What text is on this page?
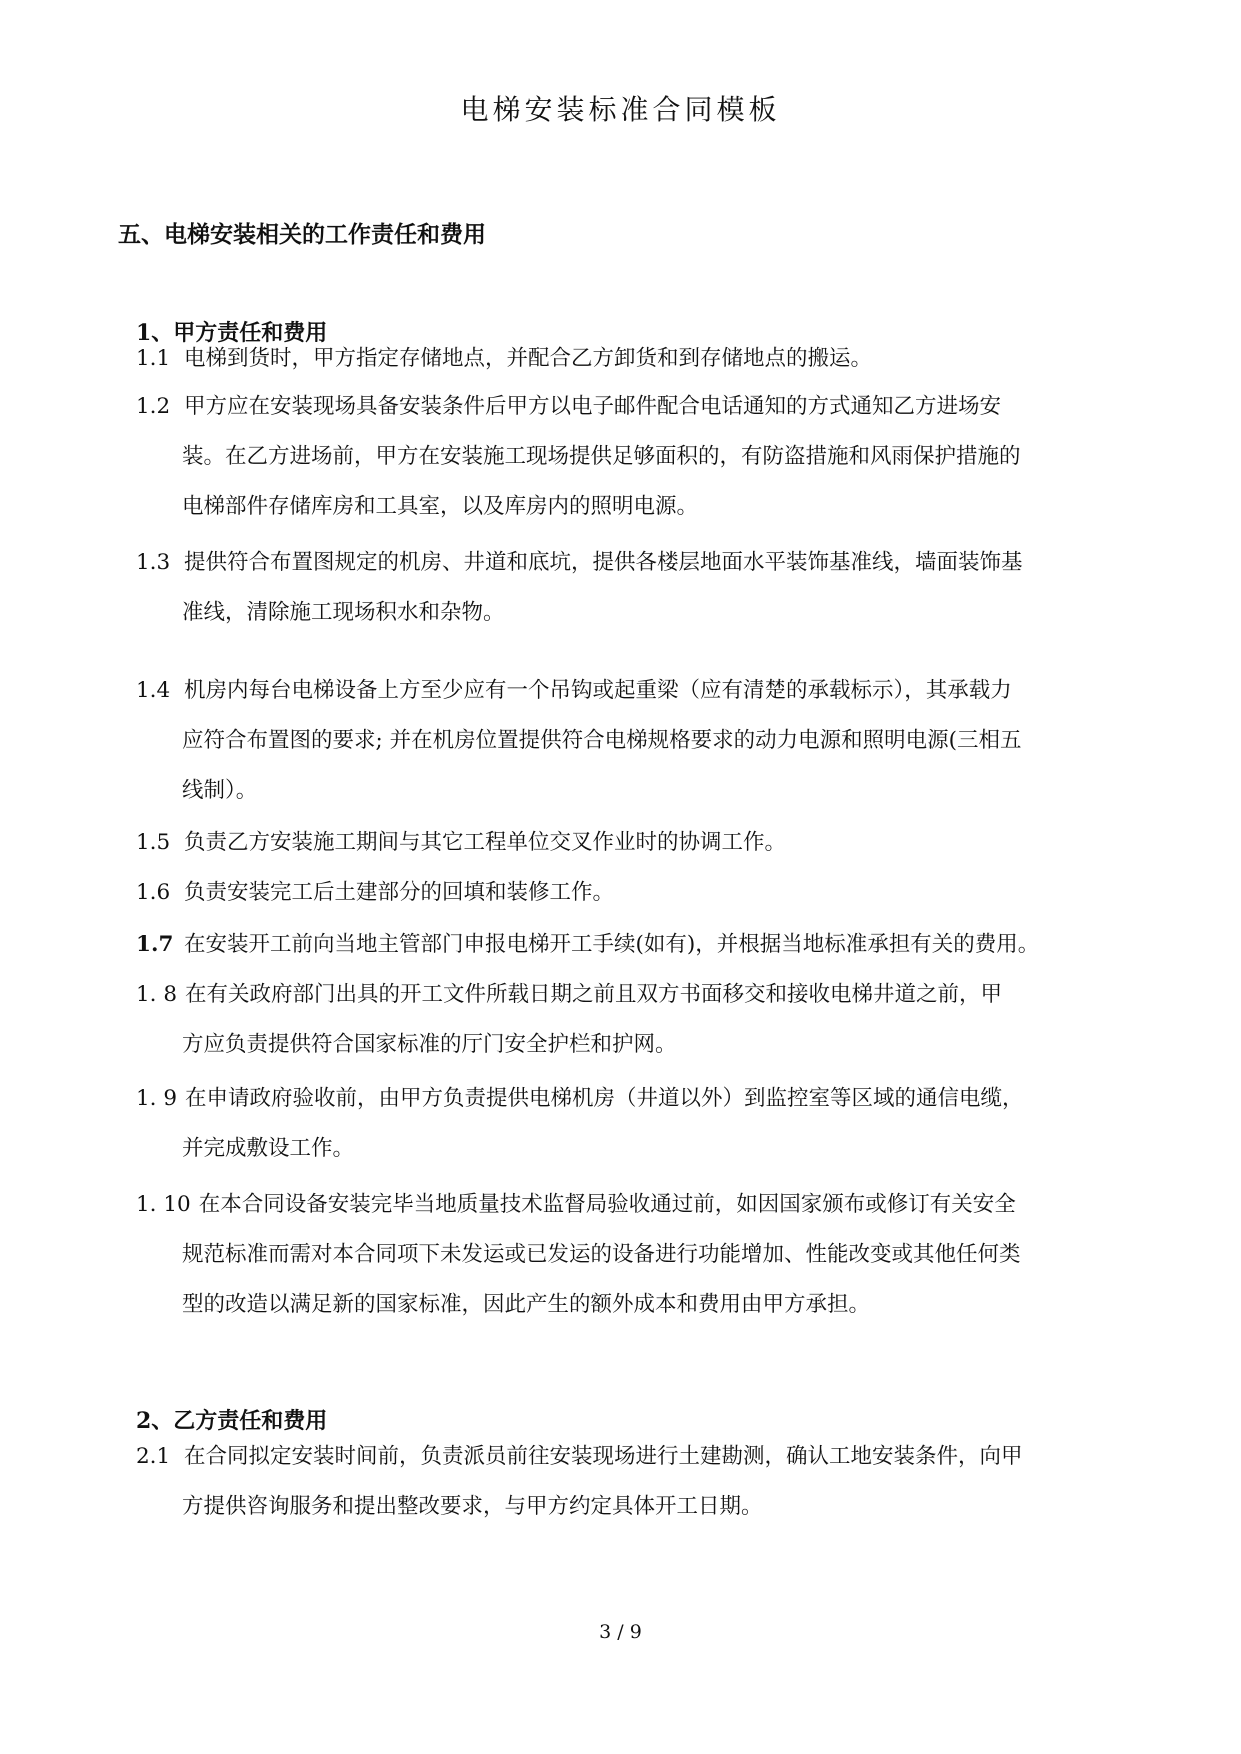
电梯安装标准合同模板
五、电梯安装相关的工作责任和费用
1、甲方责任和费用
1.1 电梯到货时，甲方指定存储地点，并配合乙方卸货和到存储地点的搬运。
1.2 甲方应在安装现场具备安装条件后甲方以电子邮件配合电话通知的方式通知乙方进场安
装。在乙方进场前，甲方在安装施工现场提供足够面积的，有防盗措施和风雨保护措施的
电梯部件存储库房和工具室，以及库房内的照明电源。
1.3 提供符合布置图规定的机房、井道和底坑，提供各楼层地面水平装饰基准线，墙面装饰基
准线，清除施工现场积水和杂物。
1.4 机房内每台电梯设备上方至少应有一个吊钩或起重梁（应有清楚的承载标示），其承载力
应符合布置图的要求; 并在机房位置提供符合电梯规格要求的动力电源和照明电源(三相五
线制）。
1.5 负责乙方安装施工期间与其它工程单位交叉作业时的协调工作。
1.6 负责安装完工后土建部分的回填和装修工作。
1.7 在安装开工前向当地主管部门申报电梯开工手续(如有)，并根据当地标准承担有关的费用。
1. 8 在有关政府部门出具的开工文件所载日期之前且双方书面移交和接收电梯井道之前，甲
方应负责提供符合国家标准的厅门安全护栏和护网。
1. 9 在申请政府验收前，由甲方负责提供电梯机房（井道以外）到监控室等区域的通信电缆，
并完成敷设工作。
1. 10 在本合同设备安装完毕当地质量技术监督局验收通过前，如因国家颁布或修订有关安全
规范标准而需对本合同项下未发运或已发运的设备进行功能增加、性能改变或其他任何类
型的改造以满足新的国家标准，因此产生的额外成本和费用由甲方承担。
2、乙方责任和费用
2.1 在合同拟定安装时间前，负责派员前往安装现场进行土建勘测，确认工地安装条件，向甲
方提供咨询服务和提出整改要求，与甲方约定具体开工日期。
3 / 9
